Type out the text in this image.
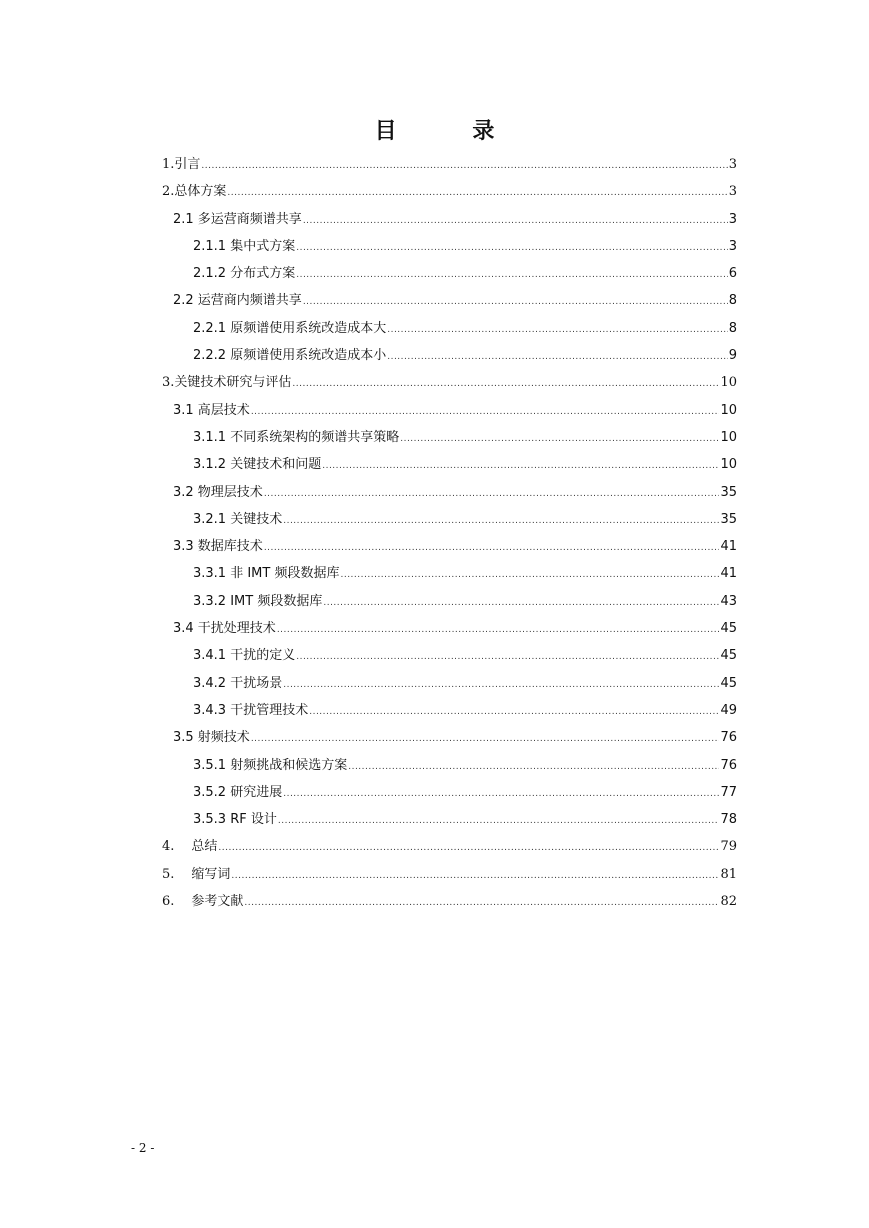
目 录
1.引言 .....	3
2.总体方案 .....	3
2.1 多运营商频谱共享 .....	3
2.1.1 集中式方案 .....	3
2.1.2 分布式方案 .....	6
2.2 运营商内频谱共享 .....	8
2.2.1 原频谱使用系统改造成本大 .....	8
2.2.2 原频谱使用系统改造成本小 .....	9
3.关键技术研究与评估 .....	10
3.1 高层技术 .....	10
3.1.1 不同系统架构的频谱共享策略 .....	10
3.1.2 关键技术和问题 .....	10
3.2 物理层技术 .....	35
3.2.1 关键技术 .....	35
3.3 数据库技术 .....	41
3.3.1 非 IMT 频段数据库 .....	41
3.3.2 IMT 频段数据库 .....	43
3.4 干扰处理技术 .....	45
3.4.1 干扰的定义 .....	45
3.4.2 干扰场景 .....	45
3.4.3 干扰管理技术 .....	49
3.5 射频技术 .....	76
3.5.1 射频挑战和候选方案 .....	76
3.5.2 研究进展 .....	77
3.5.3 RF 设计 .....	78
4. 总结 .....	79
5. 缩写词 .....	81
6. 参考文献 .....	82
- 2 -
